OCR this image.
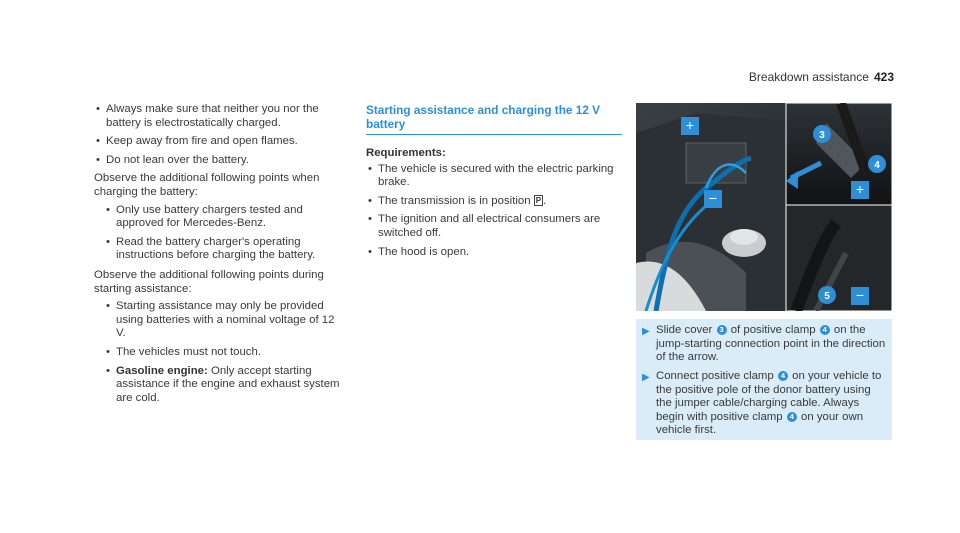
Breakdown assistance 423
• Always make sure that neither you nor the battery is electrostatically charged.
• Keep away from fire and open flames.
• Do not lean over the battery.

Observe the additional following points when charging the battery:

• Only use battery chargers tested and approved for Mercedes-Benz.
• Read the battery charger's operating instructions before charging the battery.

Observe the additional following points during starting assistance:

• Starting assistance may only be provided using batteries with a nominal voltage of 12 V.
• The vehicles must not touch.
• Gasoline engine: Only accept starting assistance if the engine and exhaust system are cold.
Starting assistance and charging the 12 V battery
Requirements:
• The vehicle is secured with the electric parking brake.
• The transmission is in position P .
• The ignition and all electrical consumers are switched off.
• The hood is open.
+
−
+
−
3
4
5
▶ Slide cover 3 of positive clamp 4 on the jump-starting connection point in the direction of the arrow.
▶ Connect positive clamp 4 on your vehicle to the positive pole of the donor battery using the jumper cable/charging cable. Always begin with positive clamp 4 on your own vehicle first.
